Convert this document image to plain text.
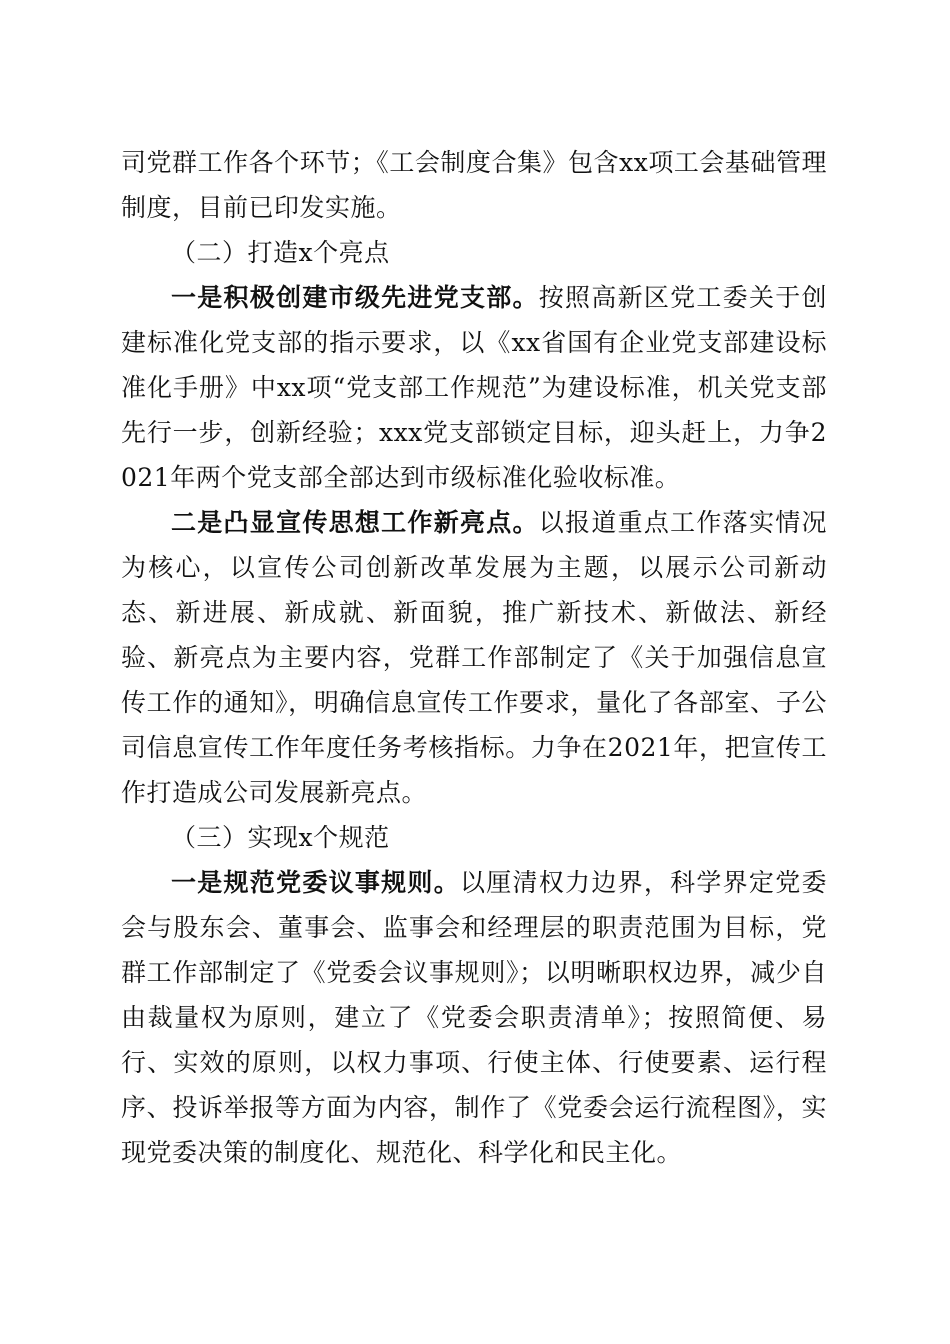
司党群工作各个环节；《工会制度合集》包含xx项工会基础管理制度，目前已印发实施。

（二）打造x个亮点

一是积极创建市级先进党支部。按照高新区党工委关于创建标准化党支部的指示要求，以《xx省国有企业党支部建设标准化手册》中xx项“党支部工作规范”为建设标准，机关党支部先行一步，创新经验；xxx党支部锁定目标，迎头赶上，力争2021年两个党支部全部达到市级标准化验收标准。

二是凸显宣传思想工作新亮点。以报道重点工作落实情况为核心，以宣传公司创新改革发展为主题，以展示公司新动态、新进展、新成就、新面貌，推广新技术、新做法、新经验、新亮点为主要内容，党群工作部制定了《关于加强信息宣传工作的通知》，明确信息宣传工作要求，量化了各部室、子公司信息宣传工作年度任务考核指标。力争在2021年，把宣传工作打造成公司发展新亮点。

（三）实现x个规范

一是规范党委议事规则。以厘清权力边界，科学界定党委会与股东会、董事会、监事会和经理层的职责范围为目标，党群工作部制定了《党委会议事规则》；以明晰职权边界，减少自由裁量权为原则，建立了《党委会职责清单》；按照简便、易行、实效的原则，以权力事项、行使主体、行使要素、运行程序、投诉举报等方面为内容，制作了《党委会运行流程图》，实现党委决策的制度化、规范化、科学化和民主化。
